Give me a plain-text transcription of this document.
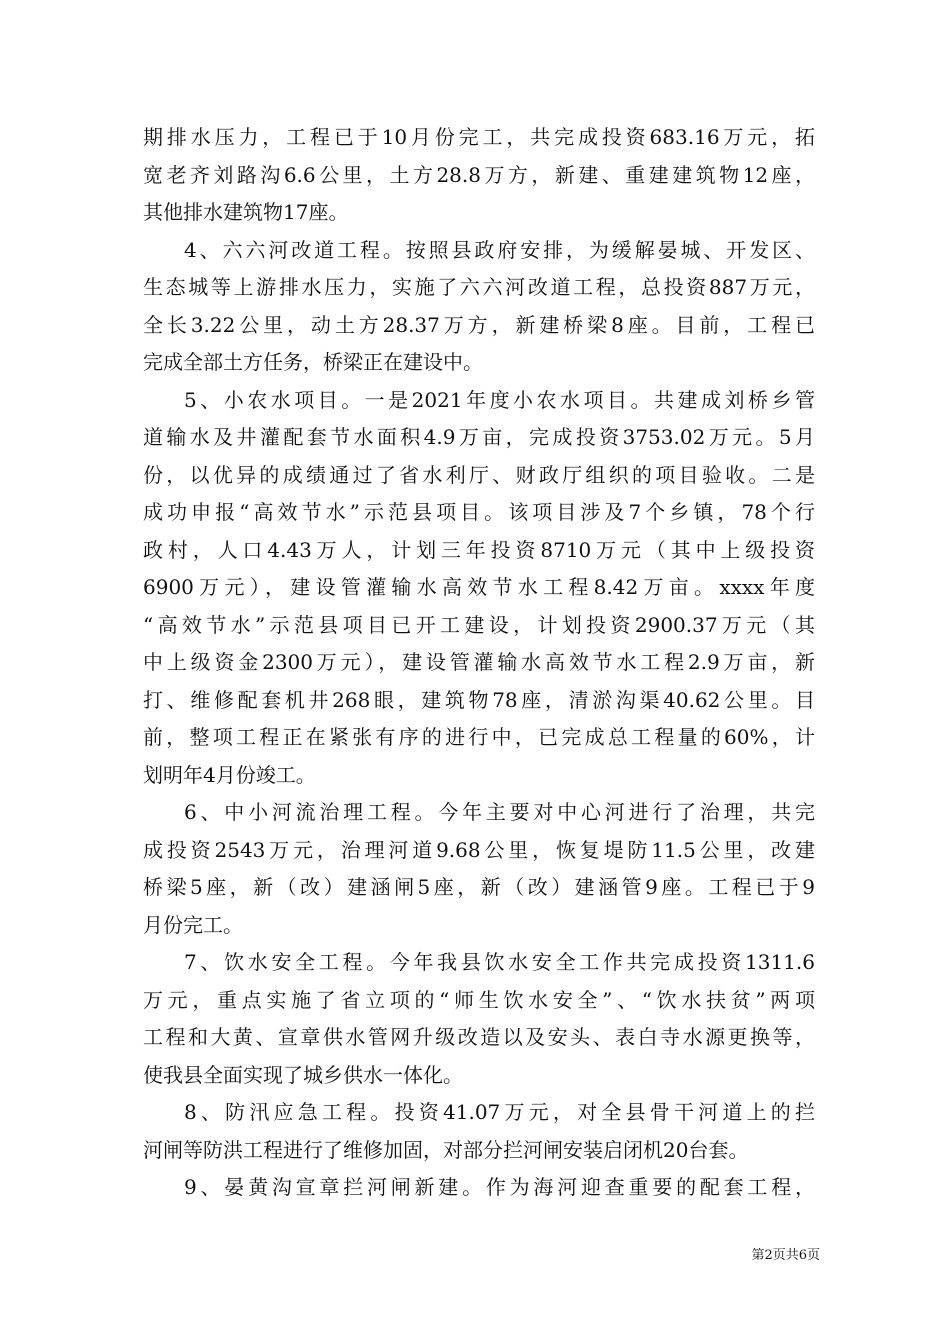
期排水压力，工程已于10月份完工，共完成投资683.16万元，拓
宽老齐刘路沟6.6公里，土方28.8万方，新建、重建建筑物12座，
其他排水建筑物17座。
4、六六河改道工程。按照县政府安排，为缓解晏城、开发区、
生态城等上游排水压力，实施了六六河改道工程，总投资887万元，
全长3.22公里，动土方28.37万方，新建桥梁8座。目前，工程已
完成全部土方任务，桥梁正在建设中。
5、小农水项目。一是2021年度小农水项目。共建成刘桥乡管
道输水及井灌配套节水面积4.9万亩，完成投资3753.02万元。5月
份，以优异的成绩通过了省水利厅、财政厅组织的项目验收。二是
成功申报“高效节水”示范县项目。该项目涉及7个乡镇，78个行
政村，人口4.43万人，计划三年投资8710万元（其中上级投资
6900万元），建设管灌输水高效节水工程8.42万亩。xxxx年度
“高效节水”示范县项目已开工建设，计划投资2900.37万元（其
中上级资金2300万元），建设管灌输水高效节水工程2.9万亩，新
打、维修配套机井268眼，建筑物78座，清淤沟渠40.62公里。目
前，整项工程正在紧张有序的进行中，已完成总工程量的60%，计
划明年4月份竣工。
6、中小河流治理工程。今年主要对中心河进行了治理，共完
成投资2543万元，治理河道9.68公里，恢复堤防11.5公里，改建
桥梁5座，新（改）建涵闸5座，新（改）建涵管9座。工程已于9
月份完工。
7、饮水安全工程。今年我县饮水安全工作共完成投资1311.6
万元，重点实施了省立项的“师生饮水安全”、“饮水扶贫”两项
工程和大黄、宣章供水管网升级改造以及安头、表白寺水源更换等，
使我县全面实现了城乡供水一体化。
8、防汛应急工程。投资41.07万元，对全县骨干河道上的拦
河闸等防洪工程进行了维修加固，对部分拦河闸安装启闭机20台套。
9、晏黄沟宣章拦河闸新建。作为海河迎查重要的配套工程，
第2页共6页
